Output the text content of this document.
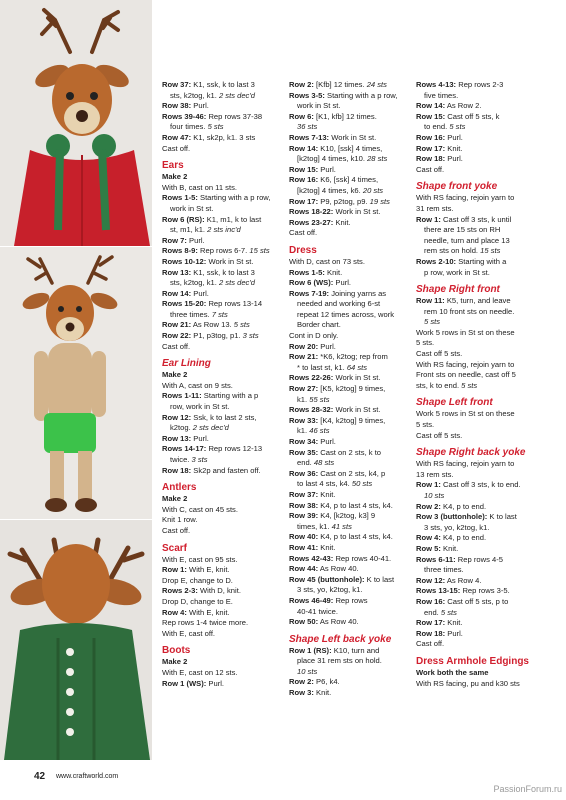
Row 37: K1, ssk, k to last 3
sts, k2tog, k1. 2 sts dec'd
Row 38: Purl.
Rows 39-46: Rep rows 37-38
four times. 5 sts
Row 47: K1, sk2p, k1. 3 sts
Cast off.
Ears
Make 2
With B, cast on 11 sts.
Rows 1-5: Starting with a p row,
work in St st.
Row 6 (RS): K1, m1, k to last
st, m1, k1. 2 sts inc'd
Row 7: Purl.
Rows 8-9: Rep rows 6-7. 15 sts
Rows 10-12: Work in St st.
Row 13: K1, ssk, k to last 3
sts, k2tog, k1. 2 sts dec'd
Row 14: Purl.
Rows 15-20: Rep rows 13-14
three times. 7 sts
Row 21: As Row 13. 5 sts
Row 22: P1, p3tog, p1. 3 sts
Cast off.
Ear Lining
Make 2
With A, cast on 9 sts.
Rows 1-11: Starting with a p
row, work in St st.
Row 12: Ssk, k to last 2 sts,
k2tog. 2 sts dec'd
Row 13: Purl.
Rows 14-17: Rep rows 12-13
twice. 3 sts
Row 18: Sk2p and fasten off.
Antlers
Make 2
With C, cast on 45 sts.
Knit 1 row.
Cast off.
Scarf
With E, cast on 95 sts.
Row 1: With E, knit.
Drop E, change to D.
Rows 2-3: With D, knit.
Drop D, change to E.
Row 4: With E, knit.
Rep rows 1-4 twice more.
With E, cast off.
Boots
Make 2
With E, cast on 12 sts.
Row 1 (WS): Purl.
Row 2: [Kfb] 12 times. 24 sts
Rows 3-5: Starting with a p row,
work in St st.
Row 6: [K1, kfb] 12 times.
36 sts
Rows 7-13: Work in St st.
Row 14: K10, [ssk] 4 times,
[k2tog] 4 times, k10. 28 sts
Row 15: Purl.
Row 16: K6, [ssk] 4 times,
[k2tog] 4 times, k6. 20 sts
Row 17: P9, p2tog, p9. 19 sts
Rows 18-22: Work in St st.
Rows 23-27: Knit.
Cast off.
Dress
With D, cast on 73 sts.
Rows 1-5: Knit.
Row 6 (WS): Purl.
Rows 7-19: Joining yarns as
needed and working 6-st
repeat 12 times across, work
Border chart.
Cont in D only.
Row 20: Purl.
Row 21: *K6, k2tog; rep from
* to last st, k1. 64 sts
Rows 22-26: Work in St st.
Row 27: [K5, k2tog] 9 times,
k1. 55 sts
Rows 28-32: Work in St st.
Row 33: [K4, k2tog] 9 times,
k1. 46 sts
Row 34: Purl.
Row 35: Cast on 2 sts, k to
end. 48 sts
Row 36: Cast on 2 sts, k4, p
to last 4 sts, k4. 50 sts
Row 37: Knit.
Row 38: K4, p to last 4 sts, k4.
Row 39: K4, [k2tog, k3] 9
times, k1. 41 sts
Row 40: K4, p to last 4 sts, k4.
Row 41: Knit.
Rows 42-43: Rep rows 40-41.
Row 44: As Row 40.
Row 45 (buttonhole): K to last
3 sts, yo, k2tog, k1.
Rows 46-49: Rep rows
40-41 twice.
Row 50: As Row 40.
Shape Left back yoke
Row 1 (RS): K10, turn and
place 31 rem sts on hold.
10 sts
Row 2: P6, k4.
Row 3: Knit.
Rows 4-13: Rep rows 2-3
five times.
Row 14: As Row 2.
Row 15: Cast off 5 sts, k
to end. 5 sts
Row 16: Purl.
Row 17: Knit.
Row 18: Purl.
Cast off.
Shape front yoke
With RS facing, rejoin yarn to
31 rem sts.
Row 1: Cast off 3 sts, k until
there are 15 sts on RH
needle, turn and place 13
rem sts on hold. 15 sts
Rows 2-10: Starting with a
p row, work in St st.
Shape Right front
Row 11: K5, turn, and leave
rem 10 front sts on needle.
5 sts
Work 5 rows in St st on these
5 sts.
Cast off 5 sts.
With RS facing, rejoin yarn to
Front sts on needle, cast off 5
sts, k to end. 5 sts
Shape Left front
Work 5 rows in St st on these
5 sts.
Cast off 5 sts.
Shape Right back yoke
With RS facing, rejoin yarn to
13 rem sts.
Row 1: Cast off 3 sts, k to end.
10 sts
Row 2: K4, p to end.
Row 3 (buttonhole): K to last
3 sts, yo, k2tog, k1.
Row 4: K4, p to end.
Row 5: Knit.
Rows 6-11: Rep rows 4-5
three times.
Row 12: As Row 4.
Rows 13-15: Rep rows 3-5.
Row 16: Cast off 5 sts, p to
end. 5 sts
Row 17: Knit.
Row 18: Purl.
Cast off.
Dress Armhole Edgings
Work both the same
With RS facing, pu and k30 sts
42 www.craftworld.com
PassionForum.ru
